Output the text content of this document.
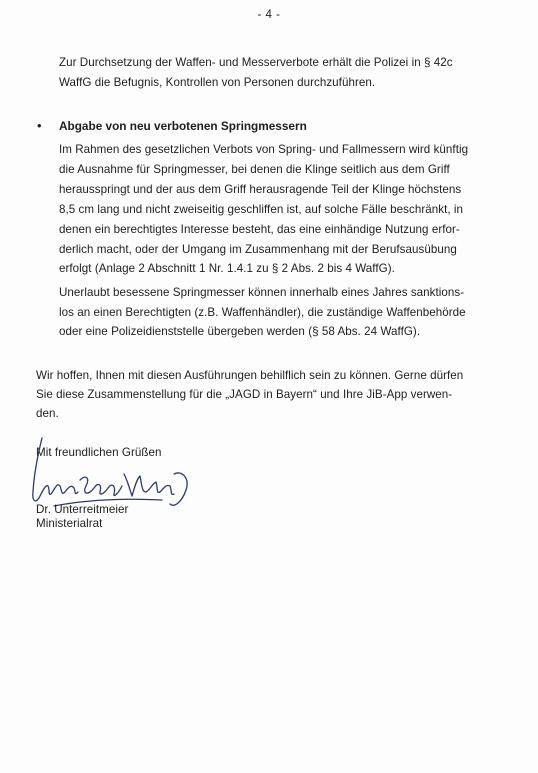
- 4 -
Zur Durchsetzung der Waffen- und Messerverbote erhält die Polizei in § 42c
WaffG die Befugnis, Kontrollen von Personen durchzuführen.
• Abgabe von neu verbotenen Springmessern
Im Rahmen des gesetzlichen Verbots von Spring- und Fallmessern wird künftig
die Ausnahme für Springmesser, bei denen die Klinge seitlich aus dem Griff
herausspringt und der aus dem Griff herausragende Teil der Klinge höchstens
8,5 cm lang und nicht zweiseitig geschliffen ist, auf solche Fälle beschränkt, in
denen ein berechtigtes Interesse besteht, das eine einhändige Nutzung erfor-
derlich macht, oder der Umgang im Zusammenhang mit der Berufsausübung
erfolgt (Anlage 2 Abschnitt 1 Nr. 1.4.1 zu § 2 Abs. 2 bis 4 WaffG).
Unerlaubt besessene Springmesser können innerhalb eines Jahres sanktions-
los an einen Berechtigten (z.B. Waffenhändler), die zuständige Waffenbehörde
oder eine Polizeidienststelle übergeben werden (§ 58 Abs. 24 WaffG).
Wir hoffen, Ihnen mit diesen Ausführungen behilflich sein zu können. Gerne dürfen
Sie diese Zusammenstellung für die „JAGD in Bayern“ und Ihre JiB-App verwen-
den.
Mit freundlichen Grüßen
Dr. Unterreitmeier
Ministerialrat
